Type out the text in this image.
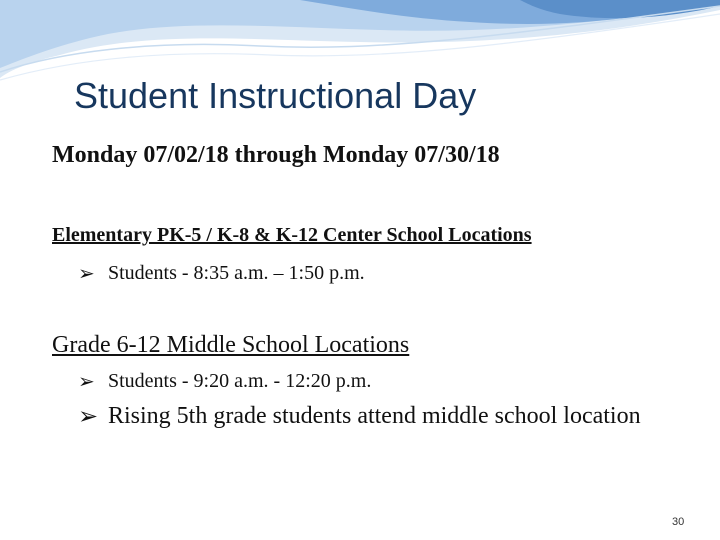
Student Instructional Day
Monday 07/02/18 through Monday 07/30/18
Elementary PK-5 / K-8 & K-12 Center School Locations
➢ Students - 8:35 a.m. – 1:50 p.m.
Grade 6-12 Middle School Locations
➢ Students - 9:20 a.m. - 12:20 p.m.
➢ Rising 5th grade students attend middle school location
30
